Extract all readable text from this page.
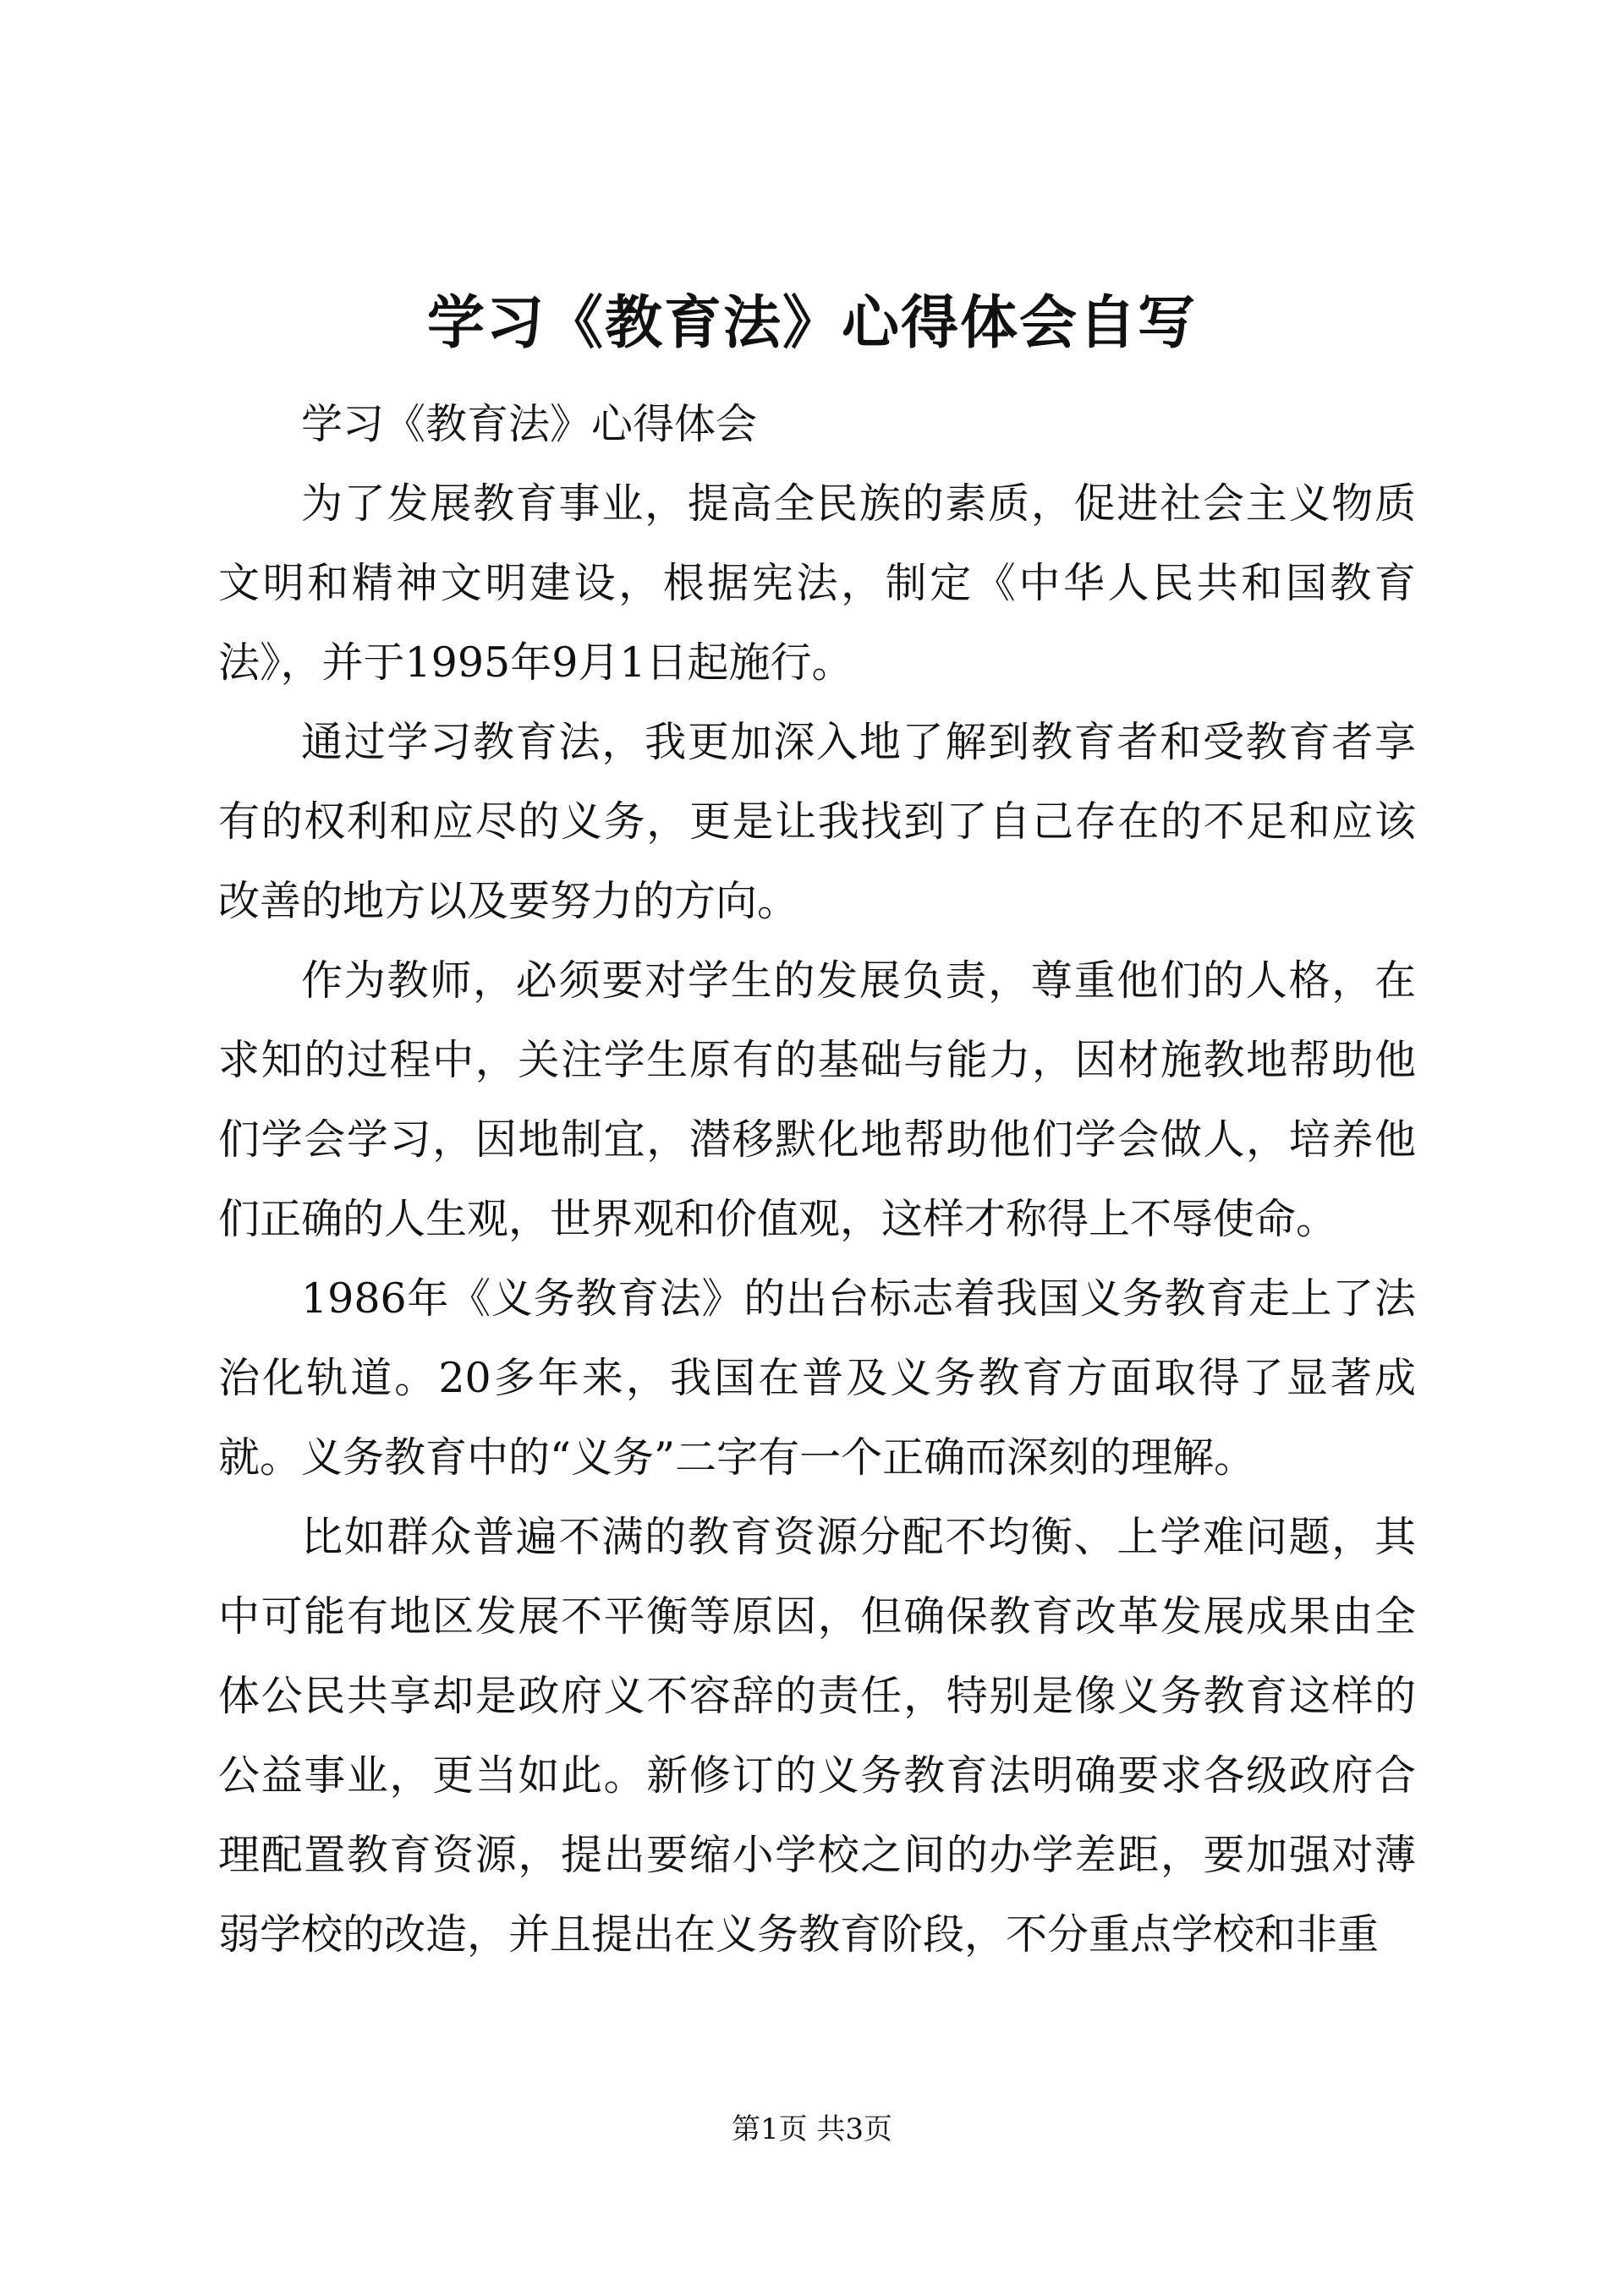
学习《教育法》心得体会自写

学习《教育法》心得体会

为了发展教育事业，提高全民族的素质，促进社会主义物质文明和精神文明建设，根据宪法，制定《中华人民共和国教育法》，并于1995年9月1日起施行。

通过学习教育法，我更加深入地了解到教育者和受教育者享有的权利和应尽的义务，更是让我找到了自己存在的不足和应该改善的地方以及要努力的方向。

作为教师，必须要对学生的发展负责，尊重他们的人格，在求知的过程中，关注学生原有的基础与能力，因材施教地帮助他们学会学习，因地制宜，潜移默化地帮助他们学会做人，培养他们正确的人生观，世界观和价值观，这样才称得上不辱使命。

1986年《义务教育法》的出台标志着我国义务教育走上了法治化轨道。20多年来，我国在普及义务教育方面取得了显著成就。义务教育中的“义务”二字有一个正确而深刻的理解。

比如群众普遍不满的教育资源分配不均衡、上学难问题，其中可能有地区发展不平衡等原因，但确保教育改革发展成果由全体公民共享却是政府义不容辞的责任，特别是像义务教育这样的公益事业，更当如此。新修订的义务教育法明确要求各级政府合理配置教育资源，提出要缩小学校之间的办学差距，要加强对薄弱学校的改造，并且提出在义务教育阶段，不分重点学校和非重

第1页 共3页
